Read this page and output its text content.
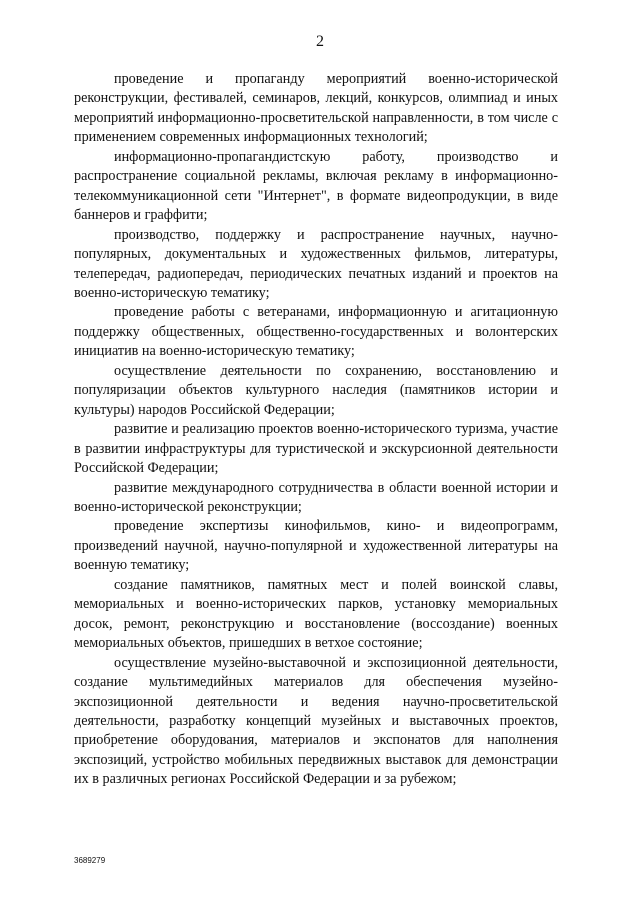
2

проведение и пропаганду мероприятий военно-исторической реконструкции, фестивалей, семинаров, лекций, конкурсов, олимпиад и иных мероприятий информационно-просветительской направленности, в том числе с применением современных информационных технологий;

информационно-пропагандистскую работу, производство и распространение социальной рекламы, включая рекламу в информационно-телекоммуникационной сети "Интернет", в формате видеопродукции, в виде баннеров и граффити;

производство, поддержку и распространение научных, научно-популярных, документальных и художественных фильмов, литературы, телепередач, радиопередач, периодических печатных изданий и проектов на военно-историческую тематику;

проведение работы с ветеранами, информационную и агитационную поддержку общественных, общественно-государственных и волонтерских инициатив на военно-историческую тематику;

осуществление деятельности по сохранению, восстановлению и популяризации объектов культурного наследия (памятников истории и культуры) народов Российской Федерации;

развитие и реализацию проектов военно-исторического туризма, участие в развитии инфраструктуры для туристической и экскурсионной деятельности Российской Федерации;

развитие международного сотрудничества в области военной истории и военно-исторической реконструкции;

проведение экспертизы кинофильмов, кино- и видеопрограмм, произведений научной, научно-популярной и художественной литературы на военную тематику;

создание памятников, памятных мест и полей воинской славы, мемориальных и военно-исторических парков, установку мемориальных досок, ремонт, реконструкцию и восстановление (воссоздание) военных мемориальных объектов, пришедших в ветхое состояние;

осуществление музейно-выставочной и экспозиционной деятельности, создание мультимедийных материалов для обеспечения музейно-экспозиционной деятельности и ведения научно-просветительской деятельности, разработку концепций музейных и выставочных проектов, приобретение оборудования, материалов и экспонатов для наполнения экспозиций, устройство мобильных передвижных выставок для демонстрации их в различных регионах Российской Федерации и за рубежом;

3689279
